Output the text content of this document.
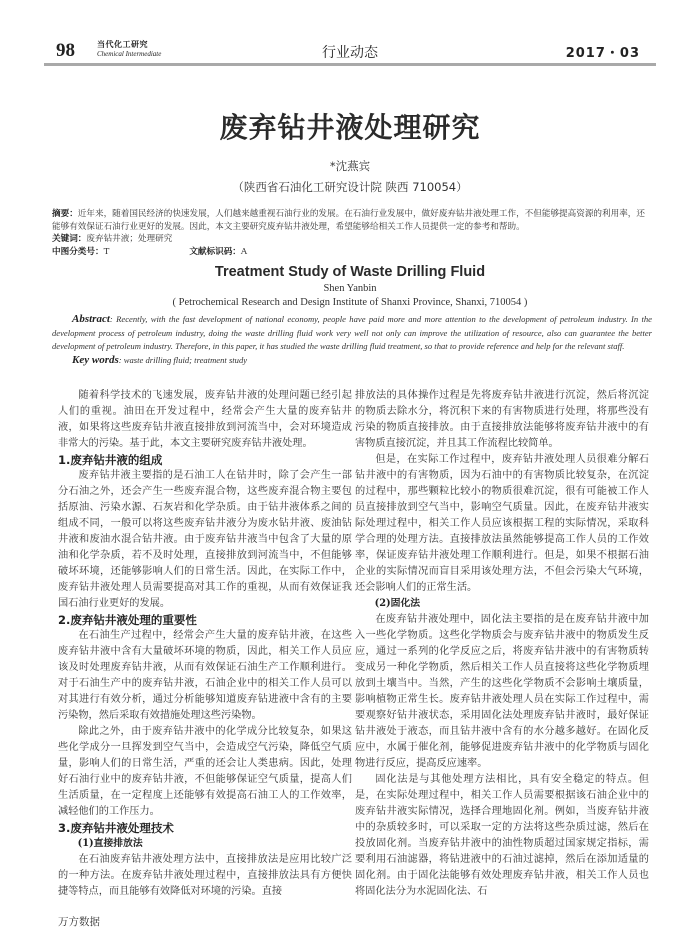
98	当代化工研究
Chemical Intermediate	行业动态	2017・03
废弃钻井液处理研究
*沈燕宾
（陕西省石油化工研究设计院 陕西 710054）

摘要：近年来，随着国民经济的快速发展，人们越来越重视石油行业的发展。在石油行业发展中，做好废弃钻井液处理工作，不但能够提高资源的利用率，还能够有效保证石油行业更好的发展。因此，本文主要研究废弃钻井液处理，希望能够给相关工作人员提供一定的参考和帮助。

关键词：废弃钻井液；处理研究

中图分类号：T	文献标识码：A

Treatment Study of Waste Drilling Fluid
Shen Yanbin
( Petrochemical Research and Design Institute of Shanxi Province, Shanxi, 710054 )

Abstract: Recently, with the fast development of national economy, people have paid more and more attention to the development of petroleum industry. In the development process of petroleum industry, doing the waste drilling fluid work very well not only can improve the utilization of resource, also can guarantee the better development of petroleum industry. Therefore, in this paper, it has studied the waste drilling fluid treatment, so that to provide reference and help for the relevant staff.

Key words: waste drilling fluid; treatment study

随着科学技术的飞速发展，废弃钻井液的处理问题已经引起人们的重视。油田在开发过程中，经常会产生大量的废弃钻井液，如果将这些废弃钻井液直接排放到河流当中，会对环境造成非常大的污染。基于此，本文主要研究废弃钻井液处理。

1.废弃钻井液的组成

废弃钻井液主要指的是石油工人在钻井时，除了会产生一部分石油之外，还会产生一些废弃混合物，这些废弃混合物主要包括原油、污染水源、石灰岩和化学杂质。由于钻井液体系之间的组成不同，一般可以将这些废弃钻井液分为废水钻井液、废油钻井液和废油水混合钻井液。由于废弃钻井液当中包含了大量的原油和化学杂质，若不及时处理，直接排放到河流当中，不但能够破坏环境，还能够影响人们的日常生活。因此，在实际工作中，废弃钻井液处理人员需要提高对其工作的重视，从而有效保证我国石油行业更好的发展。

2.废弃钻井液处理的重要性

在石油生产过程中，经常会产生大量的废弃钻井液，在这些废弃钻井液中含有大量破坏环境的物质，因此，相关工作人员应该及时处理废弃钻井液，从而有效保证石油生产工作顺利进行。对于石油生产中的废弃钻井液，石油企业中的相关工作人员可以对其进行有效分析，通过分析能够知道废弃钻进液中含有的主要污染物，然后采取有效措施处理这些污染物。

除此之外，由于废弃钻井液中的化学成分比较复杂，如果这些化学成分一旦挥发到空气当中，会造成空气污染，降低空气质量，影响人们的日常生活，严重的还会让人类患病。因此，处理好石油行业中的废弃钻井液，不但能够保证空气质量，提高人们生活质量，在一定程度上还能够有效提高石油工人的工作效率，减轻他们的工作压力。

3.废弃钻井液处理技术
(1)直接排放法

在石油废弃钻井液处理方法中，直接排放法是应用比较广泛的一种方法。在废弃钻井液处理过程中，直接排放法具有方便快捷等特点，而且能够有效降低对环境的污染。直接

排放法的具体操作过程是先将废弃钻井液进行沉淀，然后将沉淀的物质去除水分，将沉积下来的有害物质进行处理，将那些没有污染的物质直接排放。由于直接排放法能够将废弃钻井液中的有害物质直接沉淀，并且其工作流程比较简单。

但是，在实际工作过程中，废弃钻井液处理人员很难分解石钻井液中的有害物质，因为石油中的有害物质比较复杂，在沉淀的过程中，那些颗粒比较小的物质很难沉淀，很有可能被工作人员直接排放到空气当中，影响空气质量。因此，在废弃钻井液实际处理过程中，相关工作人员应该根据工程的实际情况，采取科学合理的处理方法。直接排放法虽然能够提高工作人员的工作效率，保证废弃钻井液处理工作顺利进行。但是，如果不根据石油企业的实际情况而盲目采用该处理方法，不但会污染大气环境，还会影响人们的正常生活。

(2)固化法

在废弃钻井液处理中，固化法主要指的是在废弃钻井液中加入一些化学物质。这些化学物质会与废弃钻井液中的物质发生反应，通过一系列的化学反应之后，将废弃钻井液中的有害物质转变成另一种化学物质，然后相关工作人员直接将这些化学物质埋放到土壤当中。当然，产生的这些化学物质不会影响土壤质量，影响植物正常生长。废弃钻井液处理人员在实际工作过程中，需要观察好钻井液状态，采用固化法处理废弃钻井液时，最好保证钻井液处于液态，而且钻井液中含有的水分越多越好。在固化反应中，水属于催化剂，能够促进废弃钻井液中的化学物质与固化物进行反应，提高反应速率。

固化法是与其他处理方法相比，具有安全稳定的特点。但是，在实际处理过程中，相关工作人员需要根据该石油企业中的废弃钻井液实际情况，选择合理地固化剂。例如，当废弃钻井液中的杂质较多时，可以采取一定的方法将这些杂质过滤，然后在投放固化剂。当废弃钻井液中的油性物质超过国家规定指标，需要利用石油滤器，将钻进液中的石油过滤掉，然后在添加适量的固化剂。由于固化法能够有效处理废弃钻井液，相关工作人员也将固化法分为水泥固化法、石

万方数据
